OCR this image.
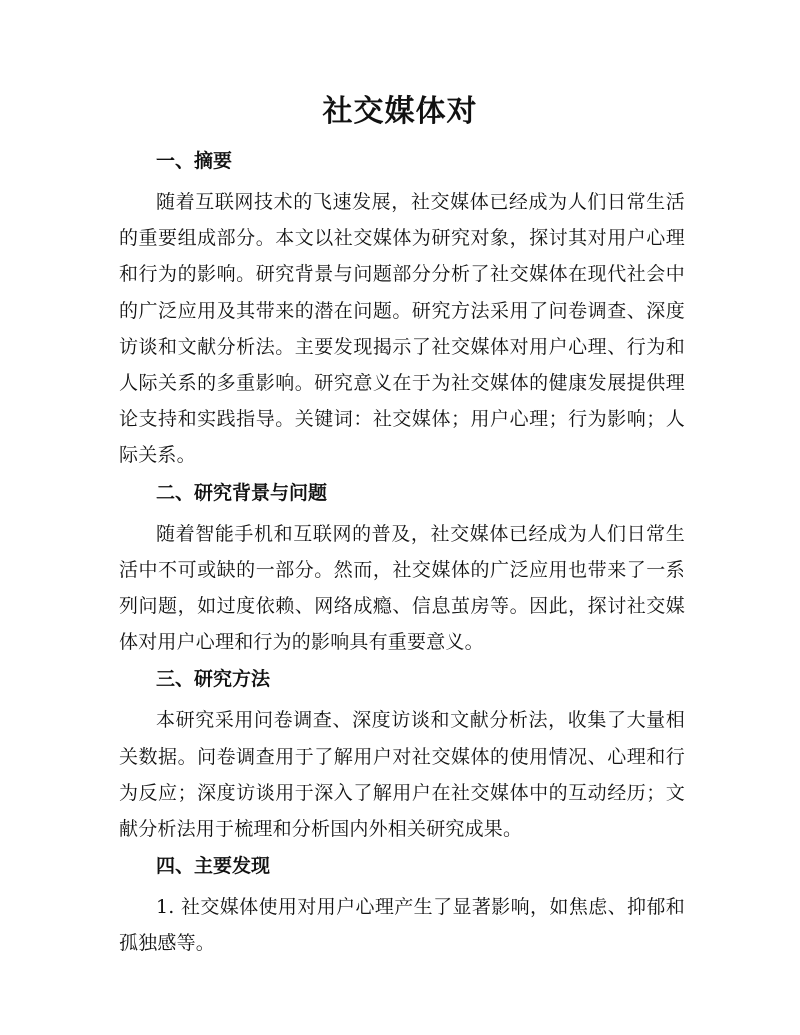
社交媒体对
一、摘要

随着互联网技术的飞速发展，社交媒体已经成为人们日常生活的重要组成部分。本文以社交媒体为研究对象，探讨其对用户心理和行为的影响。研究背景与问题部分分析了社交媒体在现代社会中的广泛应用及其带来的潜在问题。研究方法采用了问卷调查、深度访谈和文献分析法。主要发现揭示了社交媒体对用户心理、行为和人际关系的多重影响。研究意义在于为社交媒体的健康发展提供理论支持和实践指导。关键词：社交媒体；用户心理；行为影响；人际关系。

二、研究背景与问题

随着智能手机和互联网的普及，社交媒体已经成为人们日常生活中不可或缺的一部分。然而，社交媒体的广泛应用也带来了一系列问题，如过度依赖、网络成瘾、信息茧房等。因此，探讨社交媒体对用户心理和行为的影响具有重要意义。

三、研究方法

本研究采用问卷调查、深度访谈和文献分析法，收集了大量相关数据。问卷调查用于了解用户对社交媒体的使用情况、心理和行为反应；深度访谈用于深入了解用户在社交媒体中的互动经历；文献分析法用于梳理和分析国内外相关研究成果。

四、主要发现

1. 社交媒体使用对用户心理产生了显著影响，如焦虑、抑郁和孤独感等。
